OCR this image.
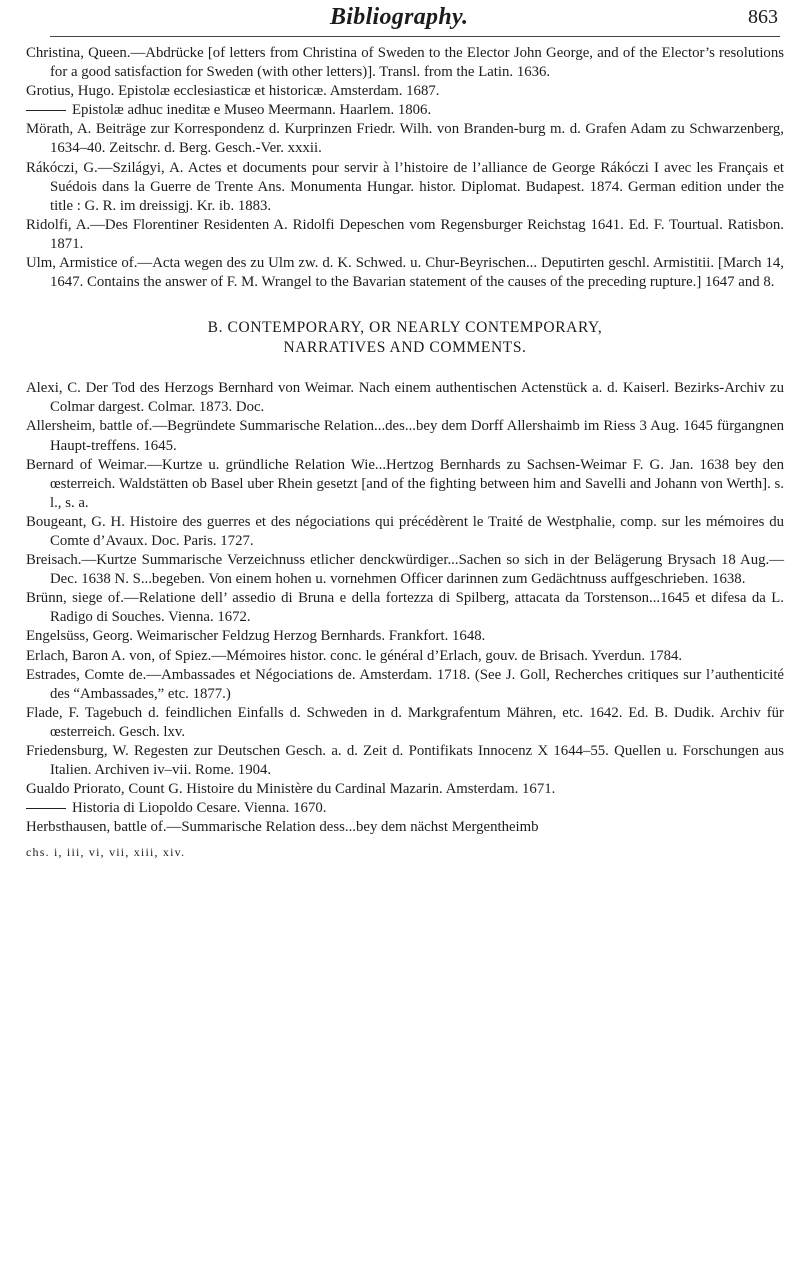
Bibliography.	863

Christina, Queen.—Abdrücke [of letters from Christina of Sweden to the Elector John George, and of the Elector’s resolutions for a good satisfaction for Sweden (with other letters)]. Transl. from the Latin. 1636.

Grotius, Hugo. Epistolæ ecclesiasticæ et historicæ. Amsterdam. 1687.

Epistolæ adhuc ineditæ e Museo Meermann. Haarlem. 1806.

Mörath, A. Beiträge zur Korrespondenz d. Kurprinzen Friedr. Wilh. von Branden-burg m. d. Grafen Adam zu Schwarzenberg, 1634–40. Zeitschr. d. Berg. Gesch.-Ver. xxxii.

Rákóczi, G.—Szilágyi, A. Actes et documents pour servir à l’histoire de l’alliance de George Rákóczi I avec les Français et Suédois dans la Guerre de Trente Ans. Monumenta Hungar. histor. Diplomat. Budapest. 1874. German edition under the title : G. R. im dreissigj. Kr. ib. 1883.

Ridolfi, A.—Des Florentiner Residenten A. Ridolfi Depeschen vom Regensburger Reichstag 1641. Ed. F. Tourtual. Ratisbon. 1871.

Ulm, Armistice of.—Acta wegen des zu Ulm zw. d. K. Schwed. u. Chur-Beyrischen... Deputirten geschl. Armistitii. [March 14, 1647. Contains the answer of F. M. Wrangel to the Bavarian statement of the causes of the preceding rupture.] 1647 and 8.

B. CONTEMPORARY, OR NEARLY CONTEMPORARY,
NARRATIVES AND COMMENTS.

Alexi, C. Der Tod des Herzogs Bernhard von Weimar. Nach einem authentischen Actenstück a. d. Kaiserl. Bezirks-Archiv zu Colmar dargest. Colmar. 1873. Doc.

Allersheim, battle of.—Begründete Summarische Relation...des...bey dem Dorff Allershaimb im Riess 3 Aug. 1645 fürgangnen Haupt-treffens. 1645.

Bernard of Weimar.—Kurtze u. gründliche Relation Wie...Hertzog Bernhards zu Sachsen-Weimar F. G. Jan. 1638 bey den œsterreich. Waldstätten ob Basel uber Rhein gesetzt [and of the fighting between him and Savelli and Johann von Werth]. s. l., s. a.

Bougeant, G. H. Histoire des guerres et des négociations qui précédèrent le Traité de Westphalie, comp. sur les mémoires du Comte d’Avaux. Doc. Paris. 1727.

Breisach.—Kurtze Summarische Verzeichnuss etlicher denckwürdiger...Sachen so sich in der Belägerung Brysach 18 Aug.—Dec. 1638 N. S...begeben. Von einem hohen u. vornehmen Officer darinnen zum Gedächtnuss auffgeschrieben. 1638.

Brünn, siege of.—Relatione dell’ assedio di Bruna e della fortezza di Spilberg, attacata da Torstenson...1645 et difesa da L. Radigo di Souches. Vienna. 1672.

Engelsüss, Georg. Weimarischer Feldzug Herzog Bernhards. Frankfort. 1648.

Erlach, Baron A. von, of Spiez.—Mémoires histor. conc. le général d’Erlach, gouv. de Brisach. Yverdun. 1784.

Estrades, Comte de.—Ambassades et Négociations de. Amsterdam. 1718. (See J. Goll, Recherches critiques sur l’authenticité des “Ambassades,” etc. 1877.)

Flade, F. Tagebuch d. feindlichen Einfalls d. Schweden in d. Markgrafentum Mähren, etc. 1642. Ed. B. Dudik. Archiv für œsterreich. Gesch. lxv.

Friedensburg, W. Regesten zur Deutschen Gesch. a. d. Zeit d. Pontifikats Innocenz X 1644–55. Quellen u. Forschungen aus Italien. Archiven iv–vii. Rome. 1904.

Gualdo Priorato, Count G. Histoire du Ministère du Cardinal Mazarin. Amsterdam. 1671.

Historia di Liopoldo Cesare. Vienna. 1670.

Herbsthausen, battle of.—Summarische Relation dess...bey dem nächst Mergentheimb

chs. i, iii, vi, vii, xiii, xiv.
